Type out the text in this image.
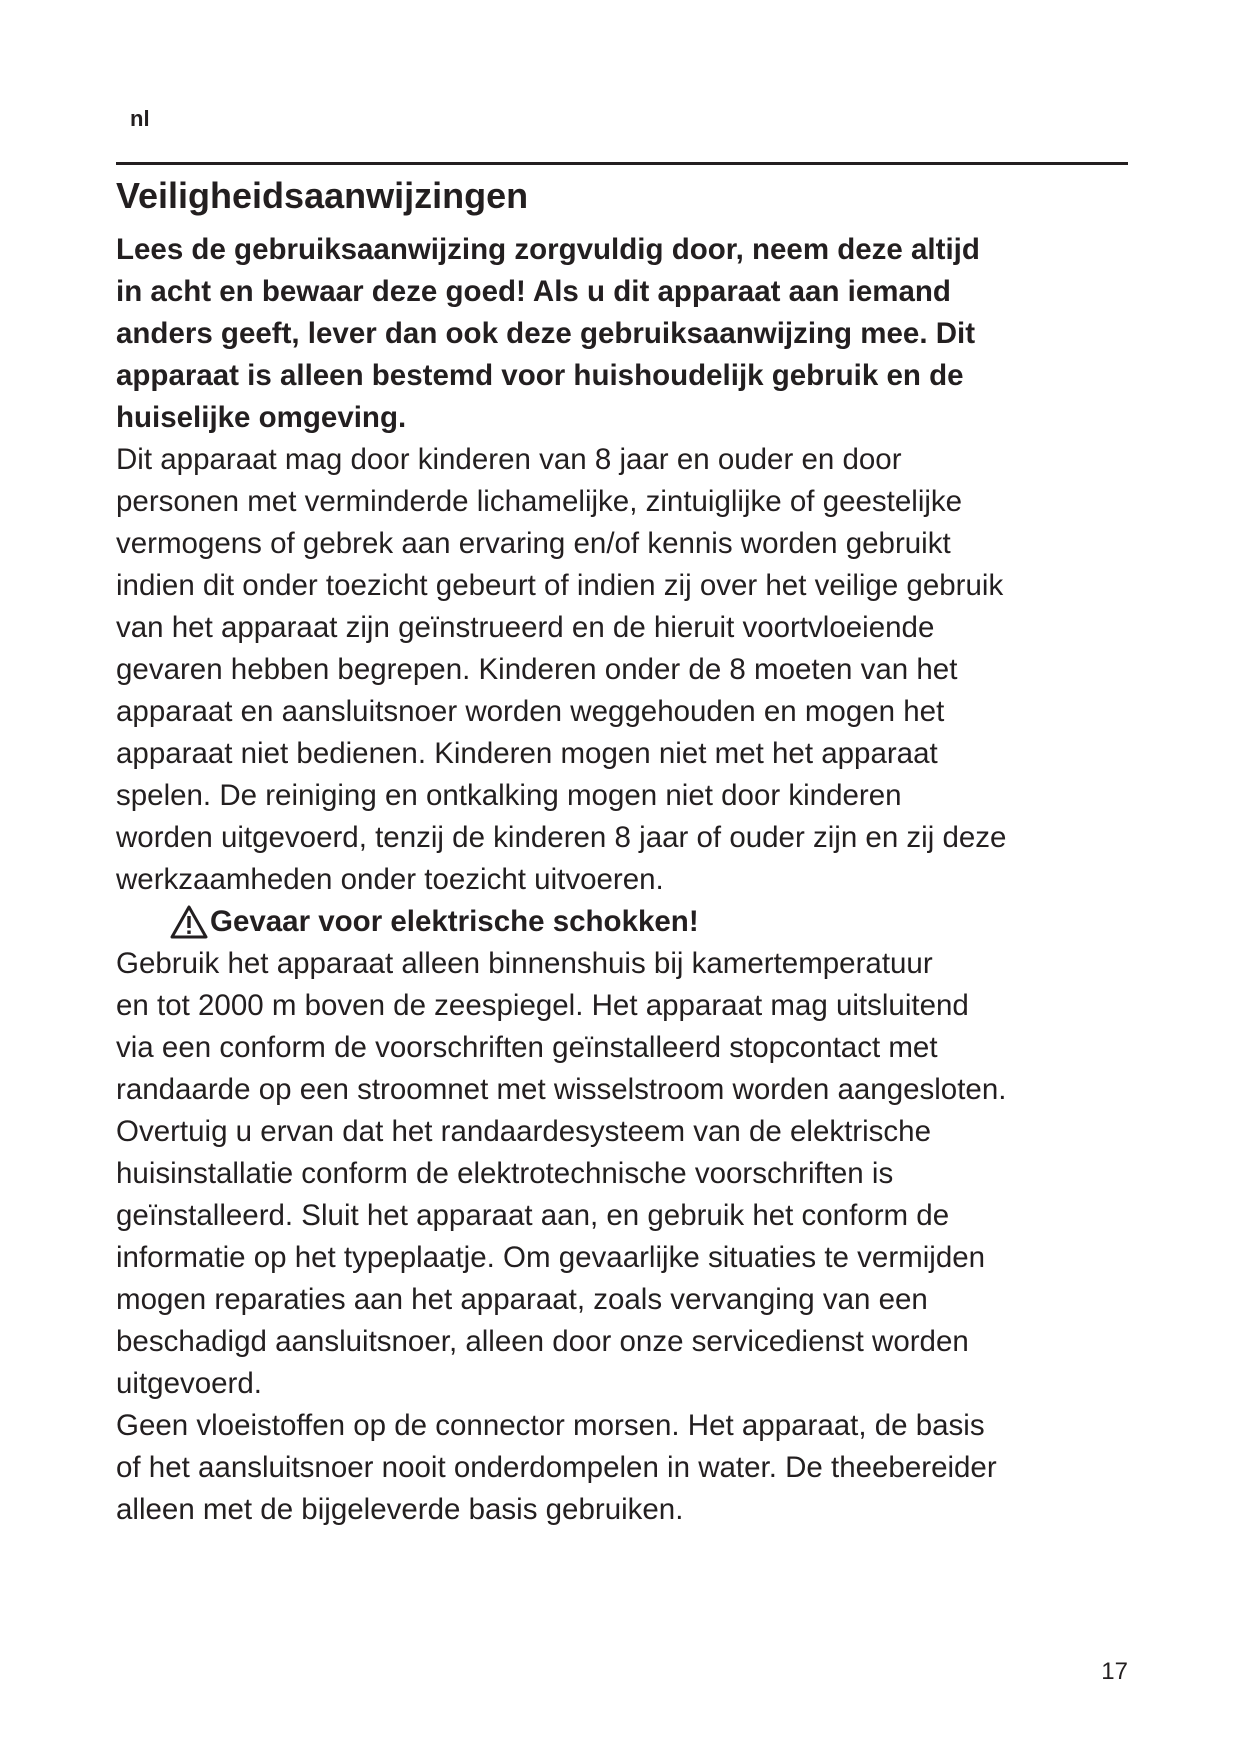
nl
Veiligheidsaanwijzingen
Lees de gebruiksaanwijzing zorgvuldig door, neem deze altijd
in acht en bewaar deze goed! Als u dit apparaat aan iemand
anders geeft, lever dan ook deze gebruiksaanwijzing mee. Dit
apparaat is alleen bestemd voor huishoudelijk gebruik en de
huiselijke omgeving.
Dit apparaat mag door kinderen van 8 jaar en ouder en door
personen met verminderde lichamelijke, zintuiglijke of geestelijke
vermogens of gebrek aan ervaring en/of kennis worden gebruikt
indien dit onder toezicht gebeurt of indien zij over het veilige gebruik
van het apparaat zijn geïnstrueerd en de hieruit voortvloeiende
gevaren hebben begrepen. Kinderen onder de 8 moeten van het
apparaat en aansluitsnoer worden weggehouden en mogen het
apparaat niet bedienen. Kinderen mogen niet met het apparaat
spelen. De reiniging en ontkalking mogen niet door kinderen
worden uitgevoerd, tenzij de kinderen 8 jaar of ouder zijn en zij deze
werkzaamheden onder toezicht uitvoeren.
Gevaar voor elektrische schokken!
Gebruik het apparaat alleen binnenshuis bij kamertemperatuur
en tot 2000 m boven de zeespiegel. Het apparaat mag uitsluitend
via een conform de voorschriften geïnstalleerd stopcontact met
randaarde op een stroomnet met wisselstroom worden aangesloten.
Overtuig u ervan dat het randaardesysteem van de elektrische
huisinstallatie conform de elektrotechnische voorschriften is
geïnstalleerd. Sluit het apparaat aan, en gebruik het conform de
informatie op het typeplaatje. Om gevaarlijke situaties te vermijden
mogen reparaties aan het apparaat, zoals vervanging van een
beschadigd aansluitsnoer, alleen door onze servicedienst worden
uitgevoerd.
Geen vloeistoffen op de connector morsen. Het apparaat, de basis
of het aansluitsnoer nooit onderdompelen in water. De theebereider
alleen met de bijgeleverde basis gebruiken.
17
